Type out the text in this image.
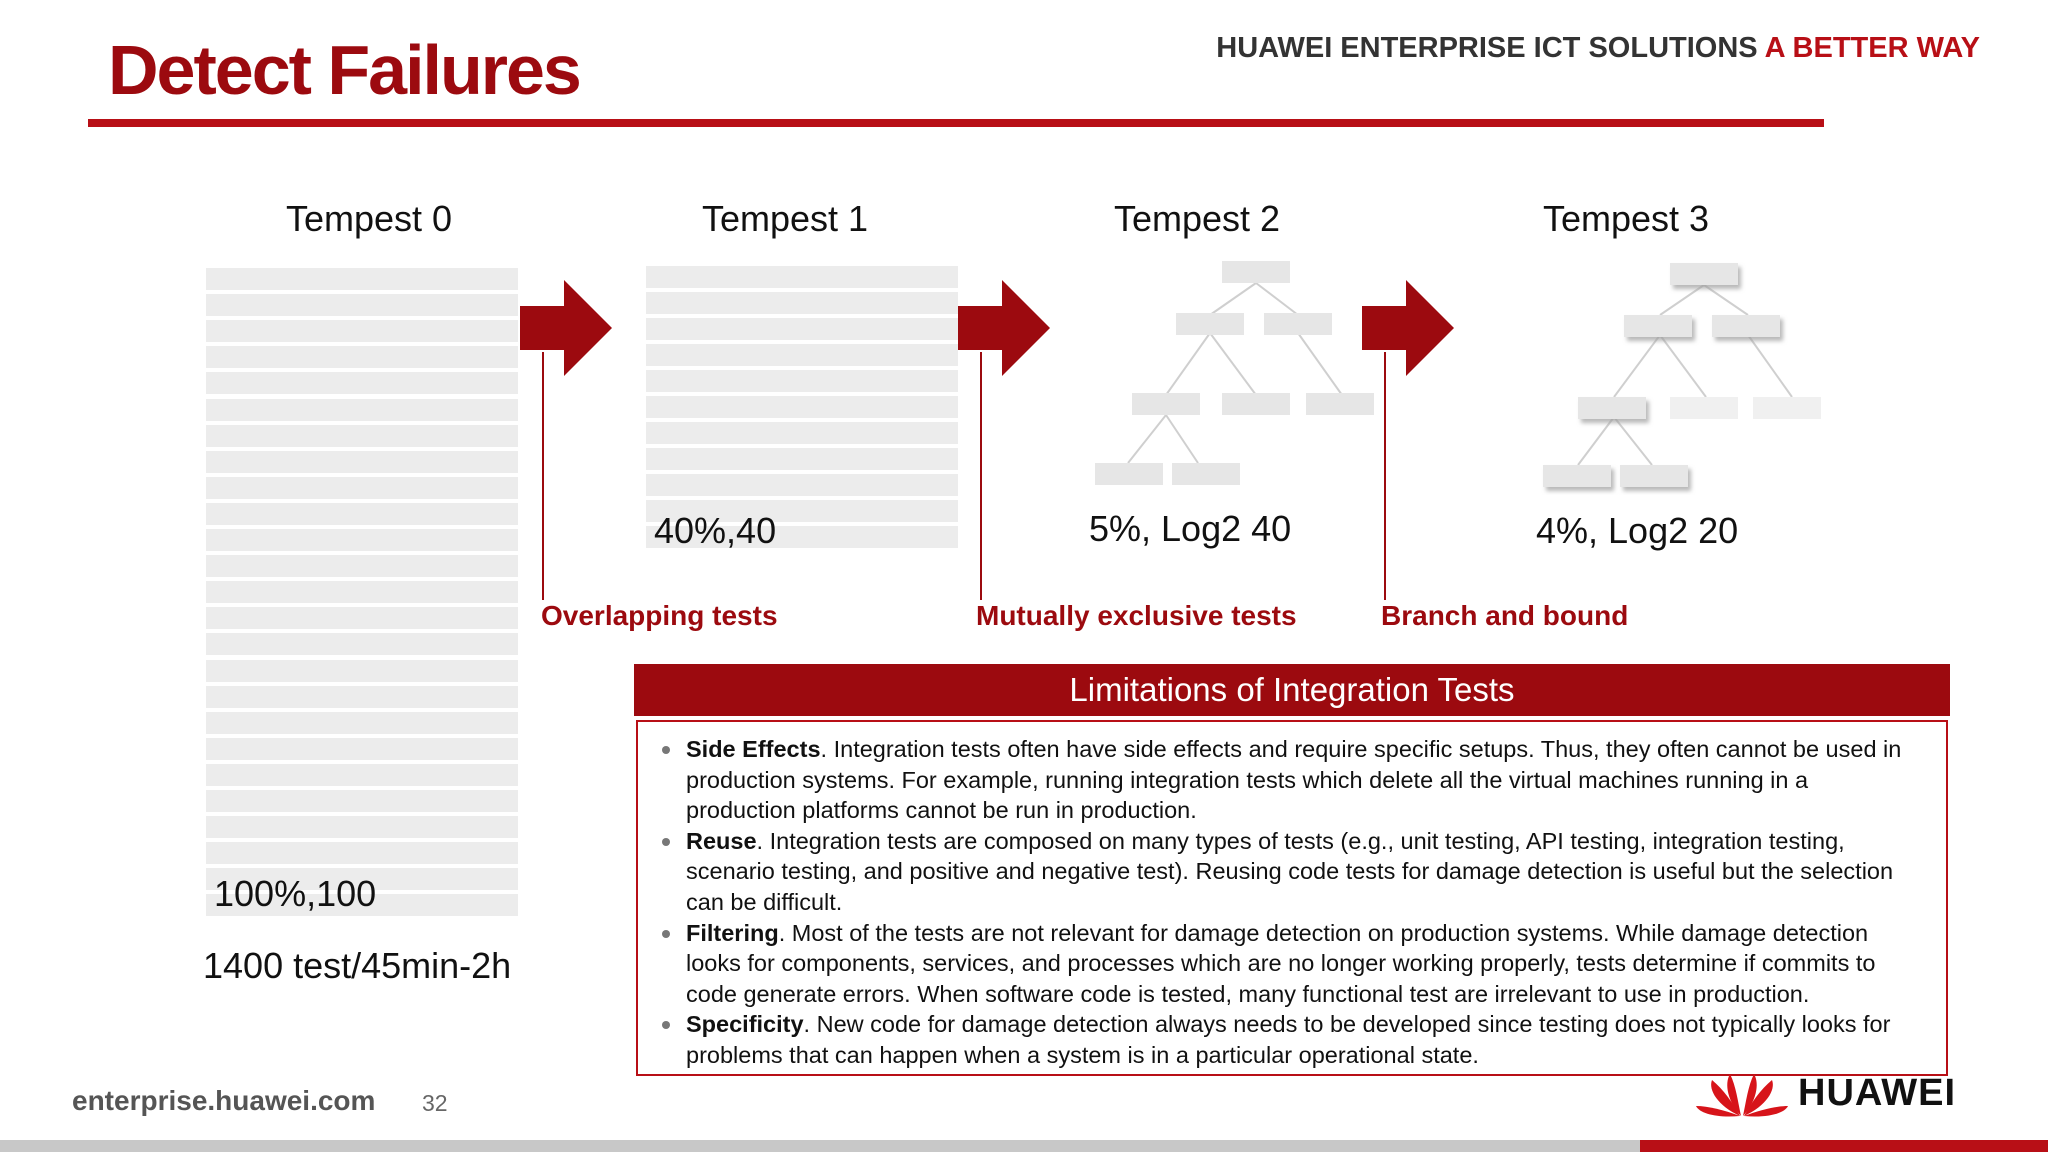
Detect Failures	HUAWEI ENTERPRISE ICT SOLUTIONS A BETTER WAY
Tempest 0	Tempest 1	Tempest 2	Tempest 3
100%,100
1400 test/45min-2h
40%,40	5%, Log2 40	4%, Log2 20
Overlapping tests	Mutually exclusive tests	Branch and bound
Limitations of Integration Tests
Side Effects. Integration tests often have side effects and require specific setups. Thus, they often cannot be used in production systems. For example, running integration tests which delete all the virtual machines running in a production platforms cannot be run in production.
Reuse. Integration tests are composed on many types of tests (e.g., unit testing, API testing, integration testing, scenario testing, and positive and negative test). Reusing code tests for damage detection is useful but the selection can be difficult.
Filtering. Most of the tests are not relevant for damage detection on production systems. While damage detection looks for components, services, and processes which are no longer working properly, tests determine if commits to code generate errors. When software code is tested, many functional test are irrelevant to use in production.
Specificity. New code for damage detection always needs to be developed since testing does not typically looks for problems that can happen when a system is in a particular operational state.
enterprise.huawei.com 32	HUAWEI
